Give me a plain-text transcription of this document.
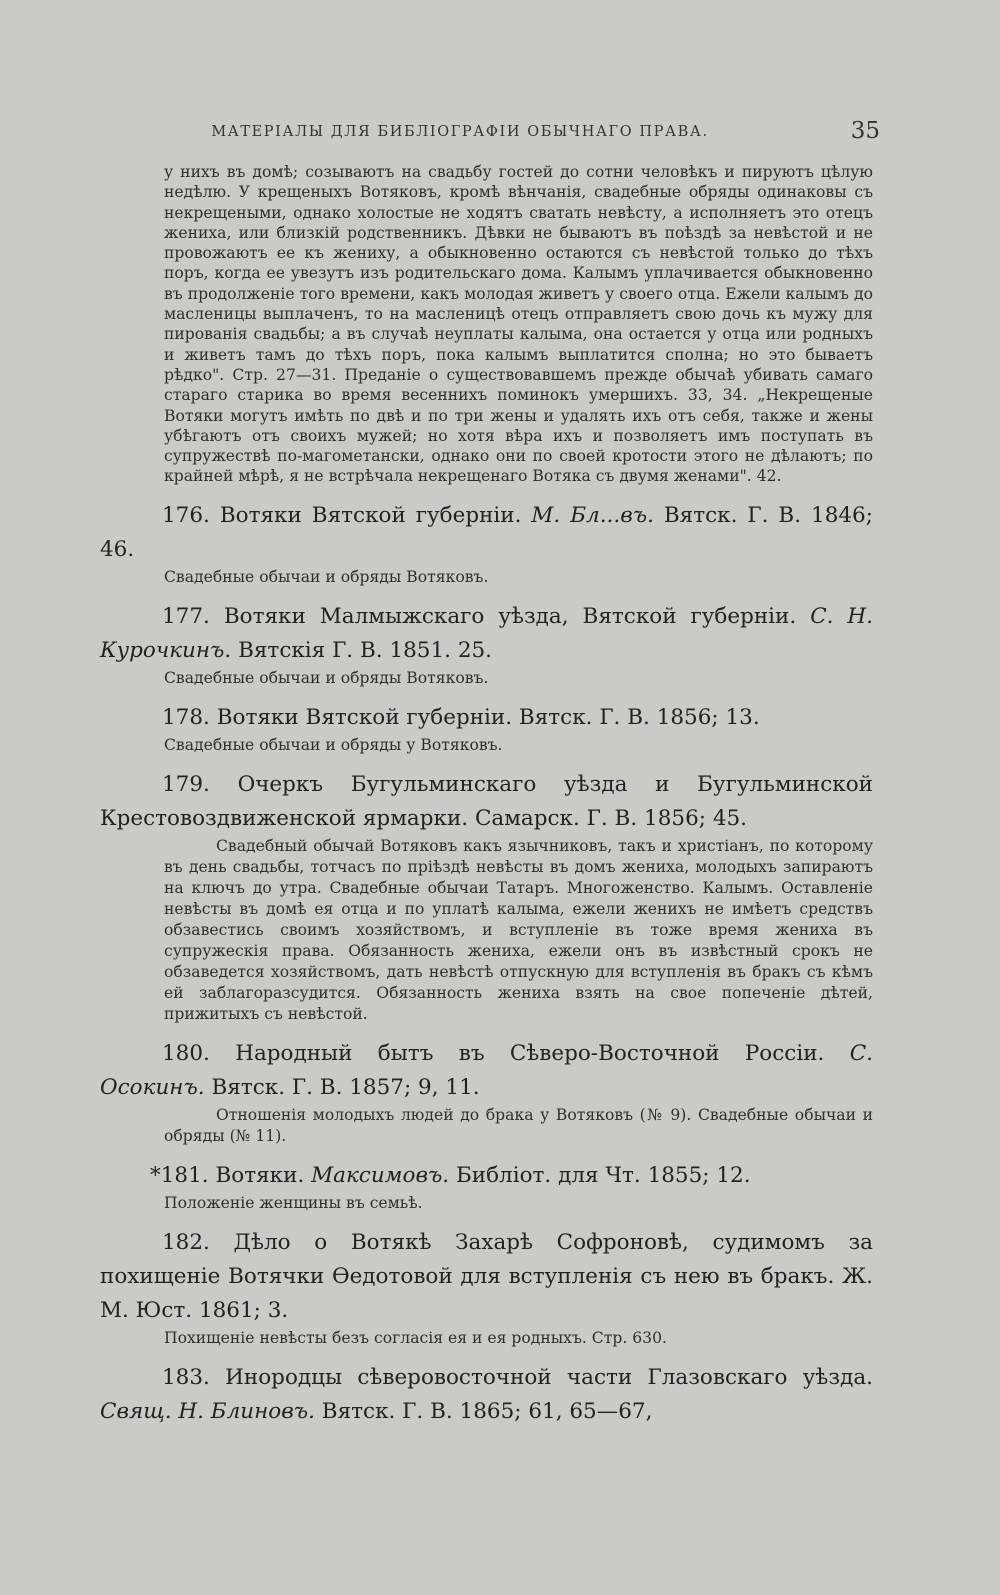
МАТЕРІАЛЫ ДЛЯ БИБЛІОГРАФІИ ОБЫЧНАГО ПРАВА.	35

у нихъ въ домѣ; созываютъ на свадьбу гостей до сотни человѣкъ и пируютъ цѣлую недѣлю. У крещеныхъ Вотяковъ, кромѣ вѣнчанія, свадебные обряды одинаковы съ некрещеными, однако холостые не ходятъ сватать невѣсту, а исполняетъ это отецъ жениха, или близкій родственникъ. Дѣвки не бываютъ въ поѣздѣ за невѣстой и не провожаютъ ее къ жениху, а обыкновенно остаются съ невѣстой только до тѣхъ поръ, когда ее увезутъ изъ родительскаго дома. Калымъ уплачивается обыкновенно въ продолженіе того времени, какъ молодая живетъ у своего отца. Ежели калымъ до масленицы выплаченъ, то на масленицѣ отецъ отправляетъ свою дочь къ мужу для пированія свадьбы; а въ случаѣ неуплаты калыма, она остается у отца или родныхъ и живетъ тамъ до тѣхъ поръ, пока калымъ выплатится сполна; но это бываетъ рѣдко". Стр. 27—31. Преданіе о существовавшемъ прежде обычаѣ убивать самаго стараго старика во время весеннихъ поминокъ умершихъ. 33, 34. „Некрещеные Вотяки могутъ имѣть по двѣ и по три жены и удалять ихъ отъ себя, также и жены убѣгаютъ отъ своихъ мужей; но хотя вѣра ихъ и позволяетъ имъ поступать въ супружествѣ по-магометански, однако они по своей кротости этого не дѣлаютъ; по крайней мѣрѣ, я не встрѣчала некрещенаго Вотяка съ двумя женами". 42.

176. Вотяки Вятской губерніи. М. Бл...въ. Вятск. Г. В. 1846; 46.

Свадебные обычаи и обряды Вотяковъ.

177. Вотяки Малмыжскаго уѣзда, Вятской губерніи. С. Н. Курочкинъ. Вятскія Г. В. 1851. 25.

Свадебные обычаи и обряды Вотяковъ.

178. Вотяки Вятской губерніи. Вятск. Г. В. 1856; 13.

Свадебные обычаи и обряды у Вотяковъ.

179. Очеркъ Бугульминскаго уѣзда и Бугульминской Крестовоздвиженской ярмарки. Самарск. Г. В. 1856; 45.

Свадебный обычай Вотяковъ какъ язычниковъ, такъ и христіанъ, по которому въ день свадьбы, тотчасъ по пріѣздѣ невѣсты въ домъ жениха, молодыхъ запираютъ на ключъ до утра. Свадебные обычаи Татаръ. Многоженство. Калымъ. Оставленіе невѣсты въ домѣ ея отца и по уплатѣ калыма, ежели женихъ не имѣетъ средствъ обзавестись своимъ хозяйствомъ, и вступленіе въ тоже время жениха въ супружескія права. Обязанность жениха, ежели онъ въ извѣстный срокъ не обзаведется хозяйствомъ, дать невѣстѣ отпускную для вступленія въ бракъ съ кѣмъ ей заблагоразсудится. Обязанность жениха взять на свое попеченіе дѣтей, прижитыхъ съ невѣстой.

180. Народный бытъ въ Сѣверо-Восточной Россіи. С. Осокинъ. Вятск. Г. В. 1857; 9, 11.

Отношенія молодыхъ людей до брака у Вотяковъ (№ 9). Свадебные обычаи и обряды (№ 11).

*181. Вотяки. Максимовъ. Библіот. для Чт. 1855; 12.

Положеніе женщины въ семьѣ.

182. Дѣло о Вотякѣ Захарѣ Софроновѣ, судимомъ за похищеніе Вотячки Ѳедотовой для вступленія съ нею въ бракъ. Ж. М. Юст. 1861; 3.

Похищеніе невѣсты безъ согласія ея и ея родныхъ. Стр. 630.

183. Инородцы сѣверовосточной части Глазовскаго уѣзда. Свящ. Н. Блиновъ. Вятск. Г. В. 1865; 61, 65—67,
